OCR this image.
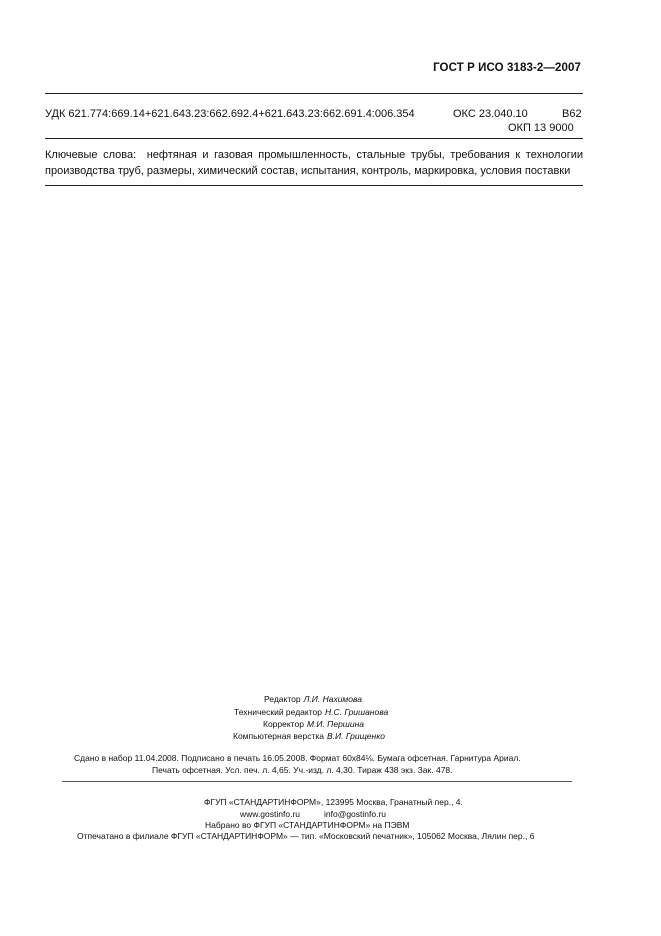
ГОСТ Р ИСО 3183-2—2007
УДК 621.774:669.14+621.643.23:662.692.4+621.643.23:662.691.4:006.354	ОКС 23.040.10	В62
ОКП 13 9000
Ключевые слова: нефтяная и газовая промышленность, стальные трубы, требования к технологии производства труб, размеры, химический состав, испытания, контроль, маркировка, условия поставки
Редактор Л.И. Нахимова
Технический редактор Н.С. Гришанова
Корректор М.И. Першина
Компьютерная верстка В.И. Грищенко
Сдано в набор 11.04.2008. Подписано в печать 16.05.2008. Формат 60х84⅛. Бумага офсетная. Гарнитура Ариал.
Печать офсетная. Усл. печ. л. 4,65. Уч.-изд. л. 4,30. Тираж 438 экз. Зак. 478.
ФГУП «СТАНДАРТИНФОРМ», 123995 Москва, Гранатный пер., 4.
www.gostinfo.ru	info@gostinfo.ru
Набрано во ФГУП «СТАНДАРТИНФОРМ» на ПЭВМ
Отпечатано в филиале ФГУП «СТАНДАРТИНФОРМ» — тип. «Московский печатник», 105062 Москва, Лялин пер., 6
